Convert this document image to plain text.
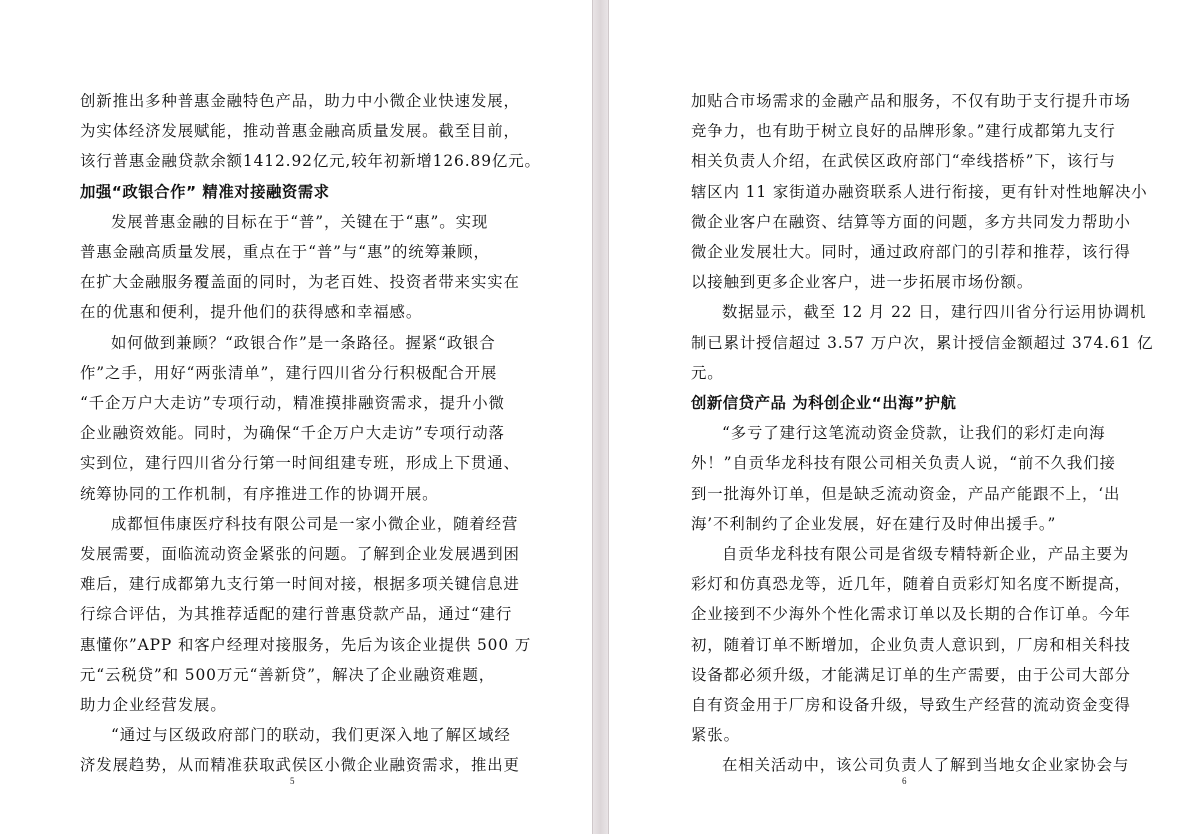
创新推出多种普惠金融特色产品，助力中小微企业快速发展，

为实体经济发展赋能，推动普惠金融高质量发展。截至目前，

该行普惠金融贷款余额1412.92亿元,较年初新增126.89亿元。

加强“政银合作” 精准对接融资需求

发展普惠金融的目标在于“普”，关键在于“惠”。实现

普惠金融高质量发展，重点在于“普”与“惠”的统筹兼顾，

在扩大金融服务覆盖面的同时，为老百姓、投资者带来实实在

在的优惠和便利，提升他们的获得感和幸福感。

如何做到兼顾？“政银合作”是一条路径。握紧“政银合

作”之手，用好“两张清单”，建行四川省分行积极配合开展

“千企万户大走访”专项行动，精准摸排融资需求，提升小微

企业融资效能。同时，为确保“千企万户大走访”专项行动落

实到位，建行四川省分行第一时间组建专班，形成上下贯通、

统筹协同的工作机制，有序推进工作的协调开展。

成都恒伟康医疗科技有限公司是一家小微企业，随着经营

发展需要，面临流动资金紧张的问题。了解到企业发展遇到困

难后，建行成都第九支行第一时间对接，根据多项关键信息进

行综合评估，为其推荐适配的建行普惠贷款产品，通过“建行

惠懂你”APP 和客户经理对接服务，先后为该企业提供 500 万

元“云税贷”和 500万元“善新贷”，解决了企业融资难题，

助力企业经营发展。

“通过与区级政府部门的联动，我们更深入地了解区域经

济发展趋势，从而精准获取武侯区小微企业融资需求，推出更

5

加贴合市场需求的金融产品和服务，不仅有助于支行提升市场

竞争力，也有助于树立良好的品牌形象。”建行成都第九支行

相关负责人介绍，在武侯区政府部门“牵线搭桥”下，该行与

辖区内 11 家街道办融资联系人进行衔接，更有针对性地解决小

微企业客户在融资、结算等方面的问题，多方共同发力帮助小

微企业发展壮大。同时，通过政府部门的引荐和推荐，该行得

以接触到更多企业客户，进一步拓展市场份额。

数据显示，截至 12 月 22 日，建行四川省分行运用协调机

制已累计授信超过 3.57 万户次，累计授信金额超过 374.61 亿

元。

创新信贷产品 为科创企业“出海”护航

“多亏了建行这笔流动资金贷款，让我们的彩灯走向海

外！”自贡华龙科技有限公司相关负责人说，“前不久我们接

到一批海外订单，但是缺乏流动资金，产品产能跟不上，‘出

海’不利制约了企业发展，好在建行及时伸出援手。”

自贡华龙科技有限公司是省级专精特新企业，产品主要为

彩灯和仿真恐龙等，近几年，随着自贡彩灯知名度不断提高，

企业接到不少海外个性化需求订单以及长期的合作订单。今年

初，随着订单不断增加，企业负责人意识到，厂房和相关科技

设备都必须升级，才能满足订单的生产需要，由于公司大部分

自有资金用于厂房和设备升级，导致生产经营的流动资金变得

紧张。

在相关活动中，该公司负责人了解到当地女企业家协会与

6
